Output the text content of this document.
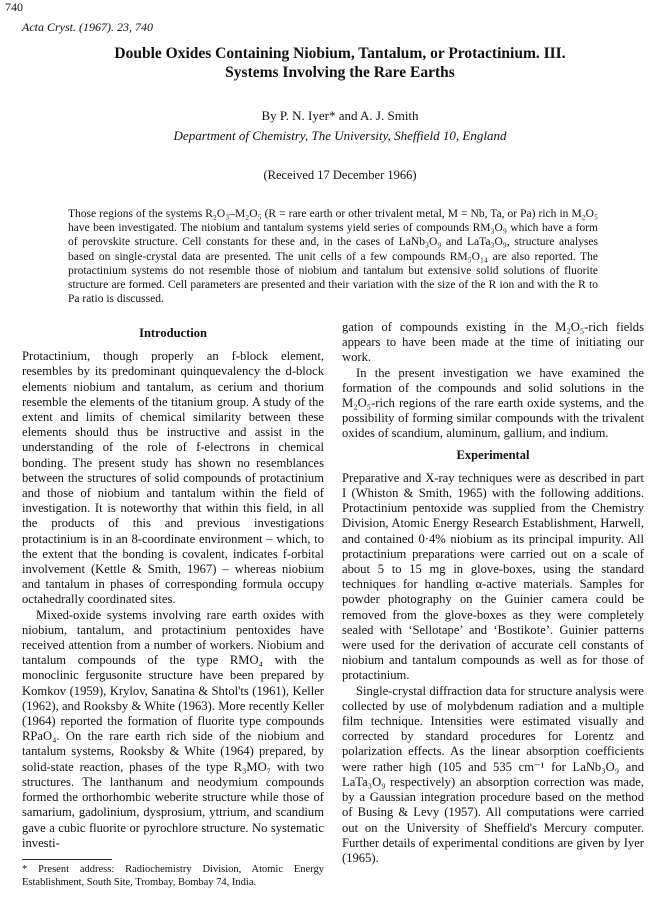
740
Acta Cryst. (1967). 23, 740
Double Oxides Containing Niobium, Tantalum, or Protactinium. III.
Systems Involving the Rare Earths
By P. N. Iyer* and A. J. Smith
Department of Chemistry, The University, Sheffield 10, England
(Received 17 December 1966)

Those regions of the systems R₂O₃–M₂O₅ (R = rare earth or other trivalent metal, M = Nb, Ta, or Pa) rich in M₂O₅ have been investigated. The niobium and tantalum systems yield series of compounds RM₃O₉ which have a form of perovskite structure. Cell constants for these and, in the cases of LaNb₃O₉ and LaTa₃O₉, structure analyses based on single-crystal data are presented. The unit cells of a few compounds RM₅O₁₄ are also reported. The protactinium systems do not resemble those of niobium and tantalum but extensive solid solutions of fluorite structure are formed. Cell parameters are presented and their variation with the size of the R ion and with the R to Pa ratio is discussed.

Introduction

Protactinium, though properly an f-block element, resembles by its predominant quinquevalency the d-block elements niobium and tantalum, as cerium and thorium resemble the elements of the titanium group. A study of the extent and limits of chemical similarity between these elements should thus be instructive and assist in the understanding of the role of f-electrons in chemical bonding. The present study has shown no resemblances between the structures of solid compounds of protactinium and those of niobium and tantalum within the field of investigation. It is noteworthy that within this field, in all the products of this and previous investigations protactinium is in an 8-coordinate environment – which, to the extent that the bonding is covalent, indicates f-orbital involvement (Kettle & Smith, 1967) – whereas niobium and tantalum in phases of corresponding formula occupy octahedrally coordinated sites.

Mixed-oxide systems involving rare earth oxides with niobium, tantalum, and protactinium pentoxides have received attention from a number of workers. Niobium and tantalum compounds of the type RMO₄ with the monoclinic fergusonite structure have been prepared by Komkov (1959), Krylov, Sanatina & Shtol'ts (1961), Keller (1962), and Rooksby & White (1963). More recently Keller (1964) reported the formation of fluorite type compounds RPaO₄. On the rare earth rich side of the niobium and tantalum systems, Rooksby & White (1964) prepared, by solid-state reaction, phases of the type R₃MO₇ with two structures. The lanthanum and neodymium compounds formed the orthorhombic weberite structure while those of samarium, gadolinium, dysprosium, yttrium, and scandium gave a cubic fluorite or pyrochlore structure. No systematic investi-

* Present address: Radiochemistry Division, Atomic Energy Establishment, South Site, Trombay, Bombay 74, India.

gation of compounds existing in the M₂O₅-rich fields appears to have been made at the time of initiating our work.

In the present investigation we have examined the formation of the compounds and solid solutions in the M₂O₅-rich regions of the rare earth oxide systems, and the possibility of forming similar compounds with the trivalent oxides of scandium, aluminum, gallium, and indium.

Experimental

Preparative and X-ray techniques were as described in part I (Whiston & Smith, 1965) with the following additions. Protactinium pentoxide was supplied from the Chemistry Division, Atomic Energy Research Establishment, Harwell, and contained 0·4% niobium as its principal impurity. All protactinium preparations were carried out on a scale of about 5 to 15 mg in glove-boxes, using the standard techniques for handling α-active materials. Samples for powder photography on the Guinier camera could be removed from the glove-boxes as they were completely sealed with ‘Sellotape’ and ‘Bostikote’. Guinier patterns were used for the derivation of accurate cell constants of niobium and tantalum compounds as well as for those of protactinium.

Single-crystal diffraction data for structure analysis were collected by use of molybdenum radiation and a multiple film technique. Intensities were estimated visually and corrected by standard procedures for Lorentz and polarization effects. As the linear absorption coefficients were rather high (105 and 535 cm⁻¹ for LaNb₃O₉ and LaTa₃O₉ respectively) an absorption correction was made, by a Gaussian integration procedure based on the method of Busing & Levy (1957). All computations were carried out on the University of Sheffield's Mercury computer. Further details of experimental conditions are given by Iyer (1965).
